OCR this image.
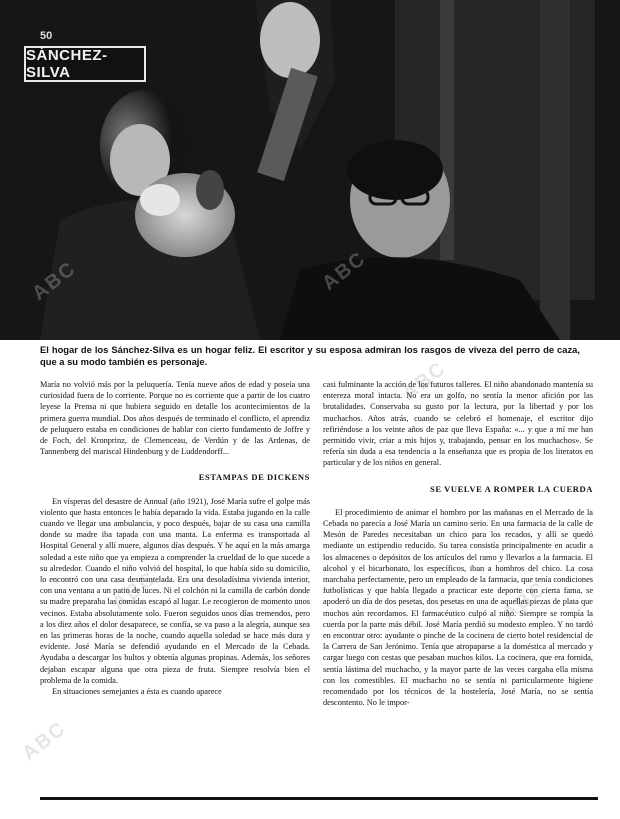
50
SÁNCHEZ-SILVA
ABC	ABC
ABC
ABC	ABC
ABC
El hogar de los Sánchez-Silva es un hogar feliz. El escritor y su esposa admiran los rasgos de viveza del perro de caza, que a su modo también es personaje.

María no volvió más por la peluquería. Tenía nueve años de edad y poseía una curiosidad fuera de lo corriente. Porque no es corriente que a partir de los cuatro leyese la Prensa ni que hubiera seguido en detalle los acontecimientos de la primera guerra mundial. Dos años después de terminado el conflicto, el aprendiz de peluquero estaba en condiciones de hablar con cierto fundamento de Joffre y de Foch, del Kronprinz, de Clemenceau, de Verdún y de las Ardenas, de Tannenberg del mariscal Hindenburg y de Luddendorff...

ESTAMPAS DE DICKENS

En vísperas del desastre de Annual (año 1921), José María sufre el golpe más violento que hasta entonces le había deparado la vida. Estaba jugando en la calle cuando ve llegar una ambulancia, y poco después, bajar de su casa una camilla donde su madre iba tapada con una manta. La enferma es transportada al Hospital General y allí muere, algunos días después. Y he aquí en la más amarga soledad a este niño que ya empieza a comprender la crueldad de lo que sucede a su alrededor. Cuando el niño volvió del hospital, lo que había sido su domicilio, lo encontró con una casa desmantelada. Era una desoladísima vivienda interior, con una ventana a un patio de luces. Ni el colchón ni la camilla de carbón donde su madre preparaba las comidas escapó al lugar. Le recogieron de momento unos vecinos. Estaba absolutamente solo. Fueron seguidos unos días tremendos, pero a los diez años el dolor desaparece, se confía, se va paso a la alegría, aunque sea en las primeras horas de la noche, cuando aquella soledad se hace más dura y evidente. José María se defendió ayudando en el Mercado de la Cebada. Ayudaba a descargar los bultos y obtenía algunas propinas. Además, los señores dejaban escapar alguna que otra pieza de fruta. Siempre resolvía bien el problema de la comida.

En situaciones semejantes a ésta es cuando aparece

casi fulminante la acción de los futuros talleres. El niño abandonado mantenía su entereza moral intacta. No era un golfo, no sentía la menor afición por las brutalidades. Conservaba su gusto por la lectura, por la libertad y por los muchachos. Años atrás, cuando se celebró el homenaje, el escritor dijo refiriéndose a los veinte años de paz que lleva España: «... y que a mí me han permitido vivir, criar a mis hijos y, trabajando, pensar en los muchachos». Se refería sin duda a esa tendencia a la enseñanza que es propia de los literatos en particular y de los niños en general.

SE VUELVE A ROMPER LA CUERDA

El procedimiento de animar el hombro por las mañanas en el Mercado de la Cebada no parecía a José María un camino serio. En una farmacia de la calle de Mesón de Paredes necesitaban un chico para los recados, y allí se quedó mediante un estipendio reducido. Su tarea consistía principalmente en acudir a los almacenes o depósitos de los artículos del ramo y llevarlos a la farmacia. El alcohol y el bicarbonato, los específicos, iban a hombros del chico. La cosa marchaba perfectamente, pero un empleado de la farmacia, que tenía condiciones futbolísticas y que había llegado a practicar este deporte con cierta fama, se apoderó un día de dos pesetas, dos pesetas en una de aquellas piezas de plata que muchos aún recordamos. El farmacéutico culpó al niño. Siempre se rompía la cuerda por la parte más débil. José María perdió su modesto empleo. Y no tardó en encontrar otro: ayudante o pinche de la cocinera de cierto hotel residencial de la Carrera de San Jerónimo. Tenía que atropaparse a la doméstica al mercado y cargar luego con cestas que pesaban muchos kilos. La cocinera, que era fornida, sentía lástima del muchacho, y la mayor parte de las veces cargaba ella misma con los comestibles. El muchacho no se sentía ni particularmente higiene recomendado por los técnicos de la hostelería, José María, no se sentía descontento. No le impor-
